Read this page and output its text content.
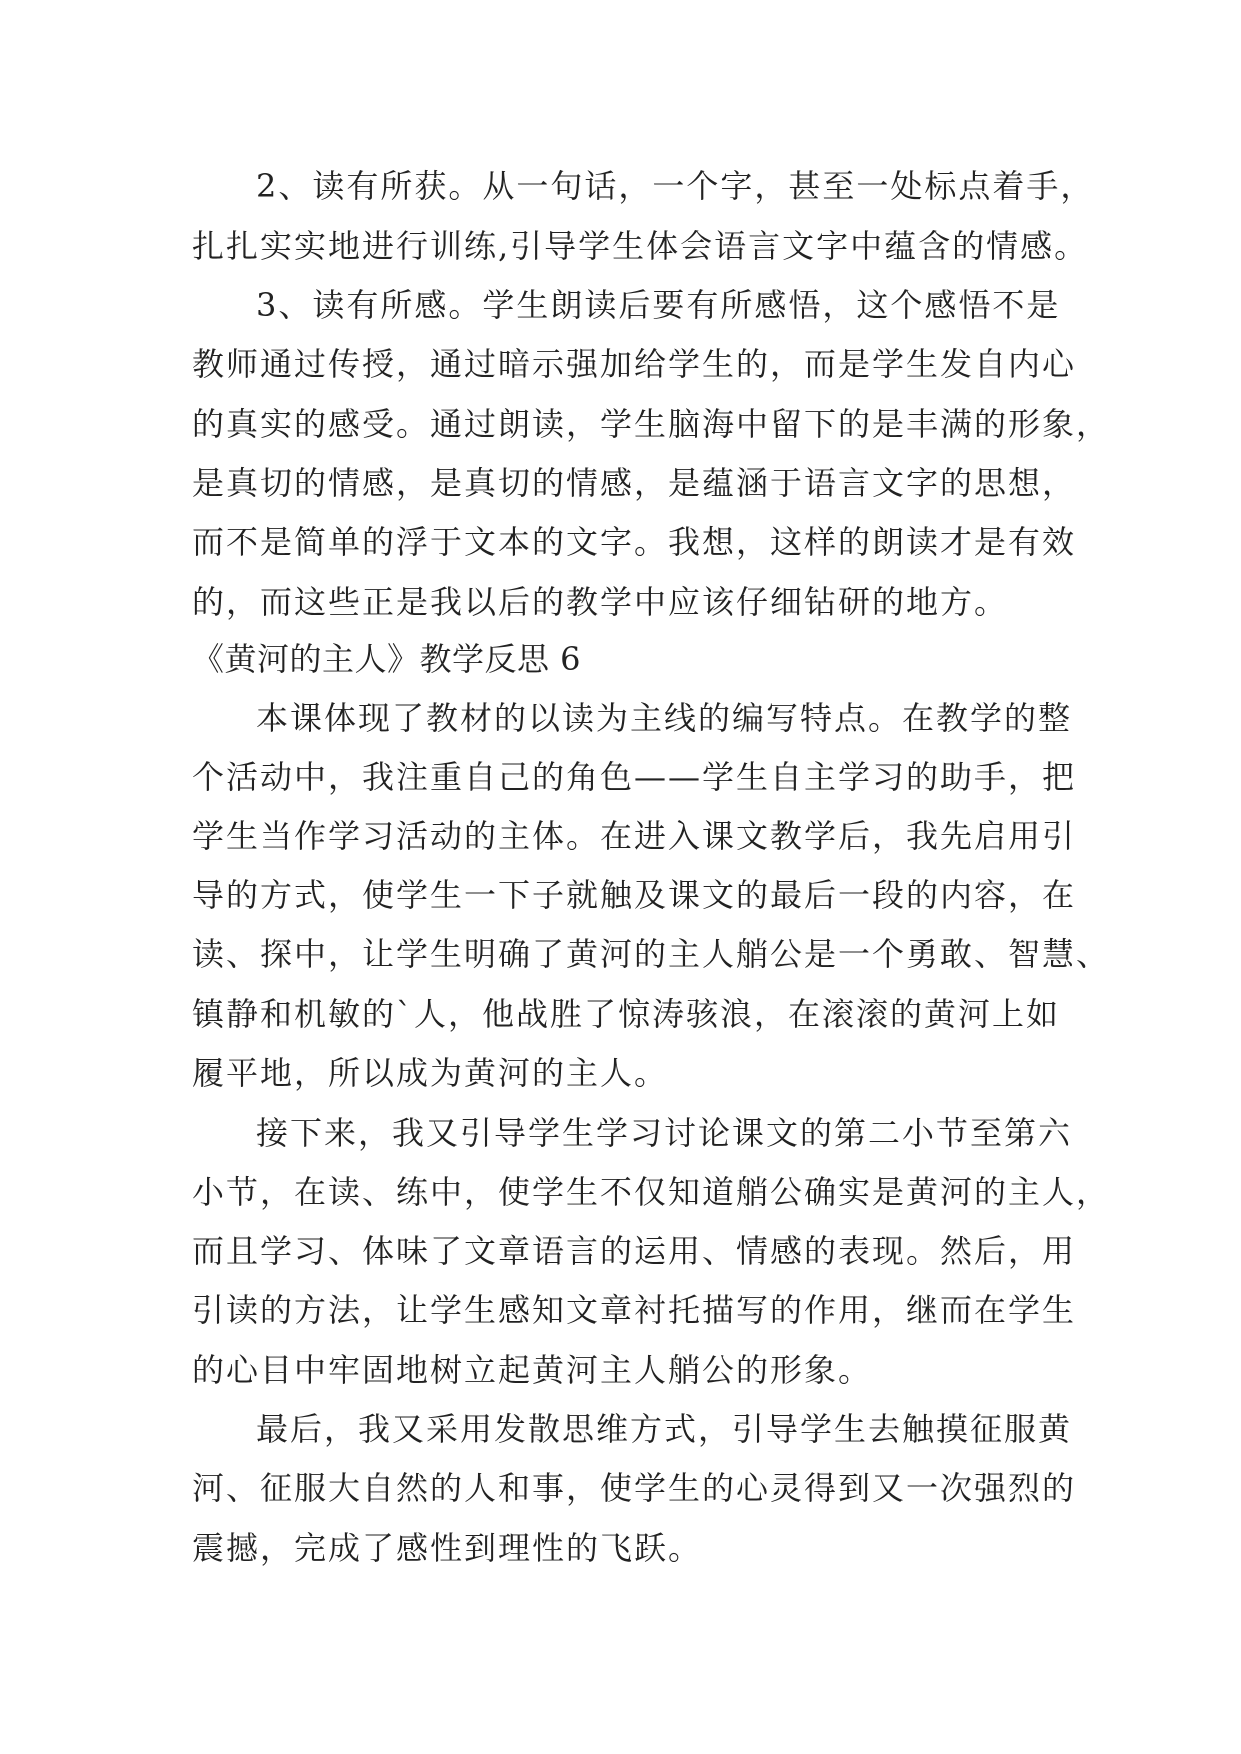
2、读有所获。从一句话，一个字，甚至一处标点着手，
扎扎实实地进行训练,引导学生体会语言文字中蕴含的情感。
3、读有所感。学生朗读后要有所感悟，这个感悟不是
教师通过传授，通过暗示强加给学生的，而是学生发自内心
的真实的感受。通过朗读，学生脑海中留下的是丰满的形象，
是真切的情感，是真切的情感，是蕴涵于语言文字的思想，
而不是简单的浮于文本的文字。我想，这样的朗读才是有效
的，而这些正是我以后的教学中应该仔细钻研的地方。
《黄河的主人》教学反思 6
本课体现了教材的以读为主线的编写特点。在教学的整
个活动中，我注重自己的角色——学生自主学习的助手，把
学生当作学习活动的主体。在进入课文教学后，我先启用引
导的方式，使学生一下子就触及课文的最后一段的内容，在
读、探中，让学生明确了黄河的主人艄公是一个勇敢、智慧、
镇静和机敏的`人，他战胜了惊涛骇浪，在滚滚的黄河上如
履平地，所以成为黄河的主人。
接下来，我又引导学生学习讨论课文的第二小节至第六
小节，在读、练中，使学生不仅知道艄公确实是黄河的主人，
而且学习、体味了文章语言的运用、情感的表现。然后，用
引读的方法，让学生感知文章衬托描写的作用，继而在学生
的心目中牢固地树立起黄河主人艄公的形象。
最后，我又采用发散思维方式，引导学生去触摸征服黄
河、征服大自然的人和事，使学生的心灵得到又一次强烈的
震撼，完成了感性到理性的飞跃。
